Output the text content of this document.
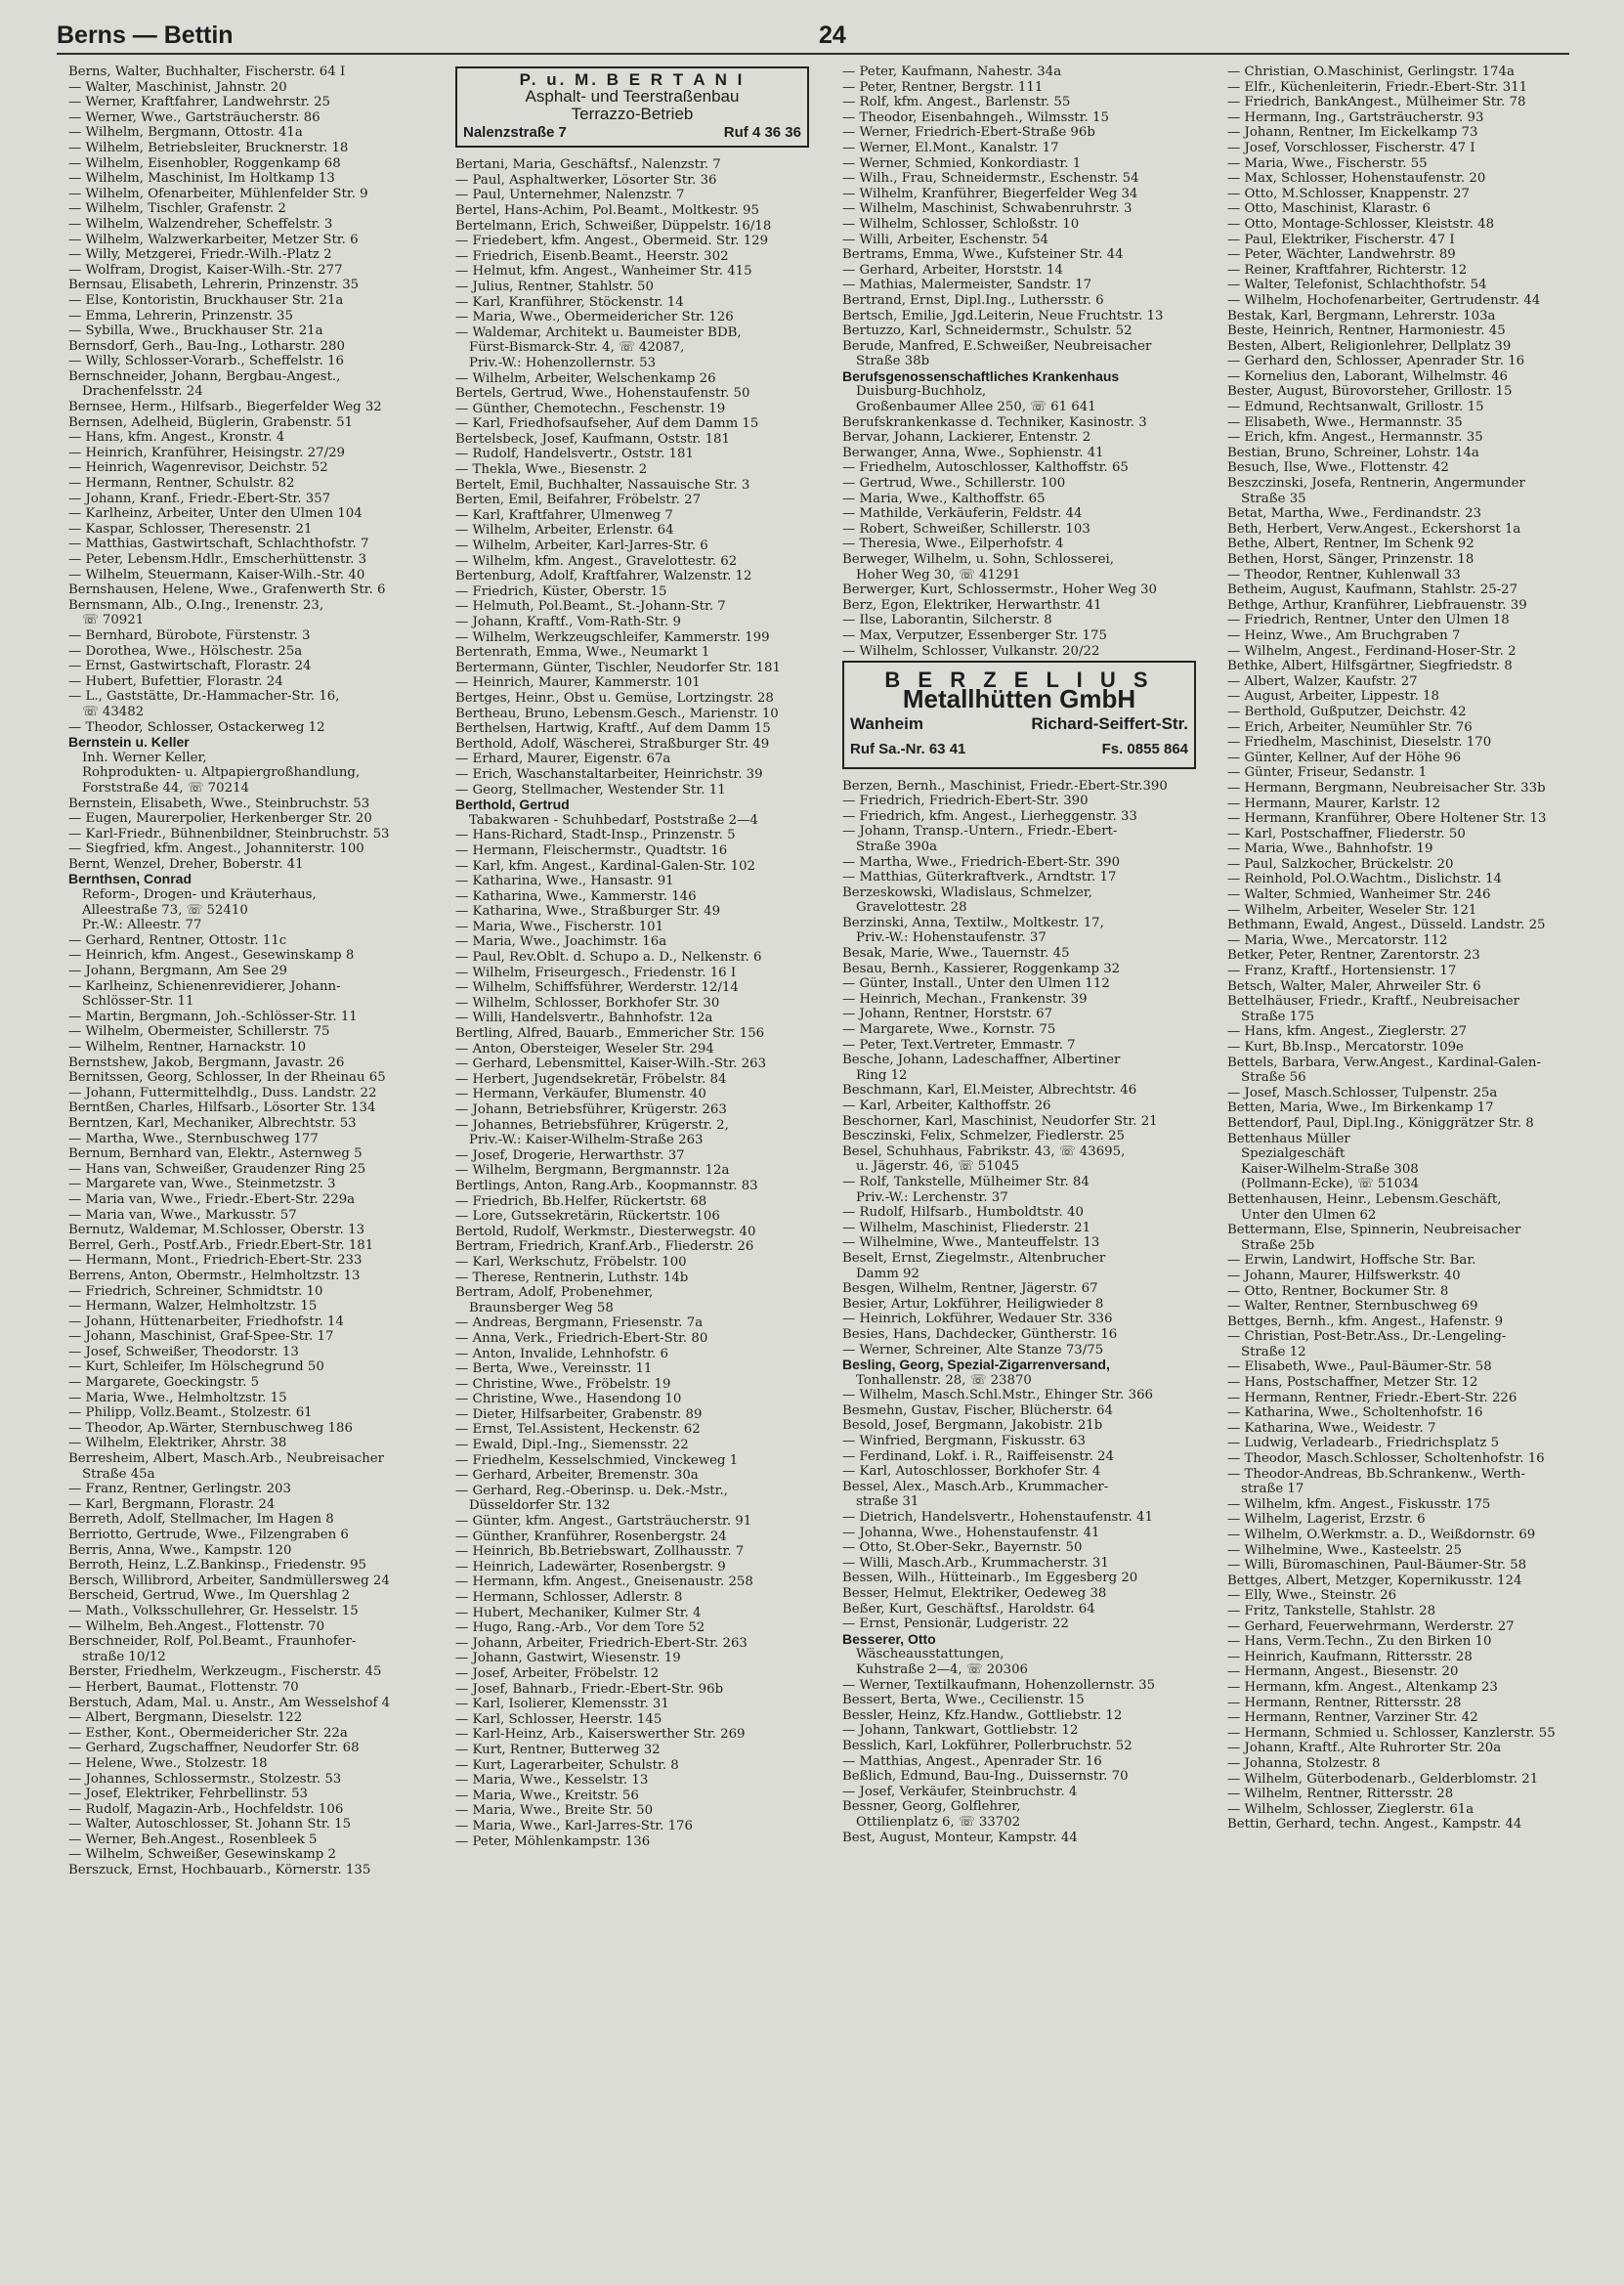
Berns — Bettin	24

Berns, Walter, Buchhalter, Fischerstr. 64 I

— Walter, Maschinist, Jahnstr. 20

— Werner, Kraftfahrer, Landwehrstr. 25

— Werner, Wwe., Gartsträucherstr. 86

— Wilhelm, Bergmann, Ottostr. 41a

— Wilhelm, Betriebsleiter, Brucknerstr. 18

— Wilhelm, Eisenhobler, Roggenkamp 68

— Wilhelm, Maschinist, Im Holtkamp 13

— Wilhelm, Ofenarbeiter, Mühlenfelder Str. 9

— Wilhelm, Tischler, Grafenstr. 2

— Wilhelm, Walzendreher, Scheffelstr. 3

— Wilhelm, Walzwerkarbeiter, Metzer Str. 6

— Willy, Metzgerei, Friedr.-Wilh.-Platz 2

— Wolfram, Drogist, Kaiser-Wilh.-Str. 277

Bernsau, Elisabeth, Lehrerin, Prinzenstr. 35

— Else, Kontoristin, Bruckhauser Str. 21a

— Emma, Lehrerin, Prinzenstr. 35

— Sybilla, Wwe., Bruckhauser Str. 21a

Bernsdorf, Gerh., Bau-Ing., Lotharstr. 280

— Willy, Schlosser-Vorarb., Scheffelstr. 16

Bernschneider, Johann, Bergbau-Angest.,

Drachenfelsstr. 24

Bernsee, Herm., Hilfsarb., Biegerfelder Weg 32

Bernsen, Adelheid, Büglerin, Grabenstr. 51

— Hans, kfm. Angest., Kronstr. 4

— Heinrich, Kranführer, Heisingstr. 27/29

— Heinrich, Wagenrevisor, Deichstr. 52

— Hermann, Rentner, Schulstr. 82

— Johann, Kranf., Friedr.-Ebert-Str. 357

— Karlheinz, Arbeiter, Unter den Ulmen 104

— Kaspar, Schlosser, Theresenstr. 21

— Matthias, Gastwirtschaft, Schlachthofstr. 7

— Peter, Lebensm.Hdlr., Emscherhüttenstr. 3

— Wilhelm, Steuermann, Kaiser-Wilh.-Str. 40

Bernshausen, Helene, Wwe., Grafenwerth Str. 6

Bernsmann, Alb., O.Ing., Irenenstr. 23,

☏ 70921

— Bernhard, Bürobote, Fürstenstr. 3

— Dorothea, Wwe., Hölschestr. 25a

— Ernst, Gastwirtschaft, Florastr. 24

— Hubert, Bufettier, Florastr. 24

— L., Gaststätte, Dr.-Hammacher-Str. 16,

☏ 43482

— Theodor, Schlosser, Ostackerweg 12

Bernstein u. Keller

Inh. Werner Keller,

Rohprodukten- u. Altpapiergroßhandlung,

Forststraße 44, ☏ 70214

Bernstein, Elisabeth, Wwe., Steinbruchstr. 53

— Eugen, Maurerpolier, Herkenberger Str. 20

— Karl-Friedr., Bühnenbildner, Steinbruchstr. 53

— Siegfried, kfm. Angest., Johanniterstr. 100

Bernt, Wenzel, Dreher, Boberstr. 41

Bernthsen, Conrad

Reform-, Drogen- und Kräuterhaus,

Alleestraße 73, ☏ 52410

Pr.-W.: Alleestr. 77

— Gerhard, Rentner, Ottostr. 11c

— Heinrich, kfm. Angest., Gesewinskamp 8

— Johann, Bergmann, Am See 29

— Karlheinz, Schienenrevidierer, Johann-

Schlösser-Str. 11

— Martin, Bergmann, Joh.-Schlösser-Str. 11

— Wilhelm, Obermeister, Schillerstr. 75

— Wilhelm, Rentner, Harnackstr. 10

Bernstshew, Jakob, Bergmann, Javastr. 26

Bernitssen, Georg, Schlosser, In der Rheinau 65

— Johann, Futtermittelhdlg., Duss. Landstr. 22

Berntßen, Charles, Hilfsarb., Lösorter Str. 134

Berntzen, Karl, Mechaniker, Albrechtstr. 53

— Martha, Wwe., Sternbuschweg 177

Bernum, Bernhard van, Elektr., Asternweg 5

— Hans van, Schweißer, Graudenzer Ring 25

— Margarete van, Wwe., Steinmetzstr. 3

— Maria van, Wwe., Friedr.-Ebert-Str. 229a

— Maria van, Wwe., Markusstr. 57

Bernutz, Waldemar, M.Schlosser, Oberstr. 13

Berrel, Gerh., Postf.Arb., Friedr.Ebert-Str. 181

— Hermann, Mont., Friedrich-Ebert-Str. 233

Berrens, Anton, Obermstr., Helmholtzstr. 13

— Friedrich, Schreiner, Schmidtstr. 10

— Hermann, Walzer, Helmholtzstr. 15

— Johann, Hüttenarbeiter, Friedhofstr. 14

— Johann, Maschinist, Graf-Spee-Str. 17

— Josef, Schweißer, Theodorstr. 13

— Kurt, Schleifer, Im Hölschegrund 50

— Margarete, Goeckingstr. 5

— Maria, Wwe., Helmholtzstr. 15

— Philipp, Vollz.Beamt., Stolzestr. 61

— Theodor, Ap.Wärter, Sternbuschweg 186

— Wilhelm, Elektriker, Ahrstr. 38

Berresheim, Albert, Masch.Arb., Neubreisacher

Straße 45a

— Franz, Rentner, Gerlingstr. 203

— Karl, Bergmann, Florastr. 24

Berreth, Adolf, Stellmacher, Im Hagen 8

Berriotto, Gertrude, Wwe., Filzengraben 6

Berris, Anna, Wwe., Kampstr. 120

Berroth, Heinz, L.Z.Bankinsp., Friedenstr. 95

Bersch, Willibrord, Arbeiter, Sandmüllersweg 24

Berscheid, Gertrud, Wwe., Im Quershlag 2

— Math., Volksschullehrer, Gr. Hesselstr. 15

— Wilhelm, Beh.Angest., Flottenstr. 70

Berschneider, Rolf, Pol.Beamt., Fraunhofer-

straße 10/12

Berster, Friedhelm, Werkzeugm., Fischerstr. 45

— Herbert, Baumat., Flottenstr. 70

Berstuch, Adam, Mal. u. Anstr., Am Wesselshof 4

— Albert, Bergmann, Dieselstr. 122

— Esther, Kont., Obermeidericher Str. 22a

— Gerhard, Zugschaffner, Neudorfer Str. 68

— Helene, Wwe., Stolzestr. 18

— Johannes, Schlossermstr., Stolzestr. 53

— Josef, Elektriker, Fehrbellinstr. 53

— Rudolf, Magazin-Arb., Hochfeldstr. 106

— Walter, Autoschlosser, St. Johann Str. 15

— Werner, Beh.Angest., Rosenbleek 5

— Wilhelm, Schweißer, Gesewinskamp 2

Berszuck, Ernst, Hochbauarb., Körnerstr. 135

P. u. M. B E R T A N I
Asphalt- und Teerstraßenbau
Terrazzo-Betrieb
Nalenzstraße 7	Ruf 4 36 36

Bertani, Maria, Geschäftsf., Nalenzstr. 7

— Paul, Asphaltwerker, Lösorter Str. 36

— Paul, Unternehmer, Nalenzstr. 7

Bertel, Hans-Achim, Pol.Beamt., Moltkestr. 95

Bertelmann, Erich, Schweißer, Düppelstr. 16/18

— Friedebert, kfm. Angest., Obermeid. Str. 129

— Friedrich, Eisenb.Beamt., Heerstr. 302

— Helmut, kfm. Angest., Wanheimer Str. 415

— Julius, Rentner, Stahlstr. 50

— Karl, Kranführer, Stöckenstr. 14

— Maria, Wwe., Obermeidericher Str. 126

— Waldemar, Architekt u. Baumeister BDB,

Fürst-Bismarck-Str. 4, ☏ 42087,

Priv.-W.: Hohenzollernstr. 53

— Wilhelm, Arbeiter, Welschenkamp 26

Bertels, Gertrud, Wwe., Hohenstaufenstr. 50

— Günther, Chemotechn., Feschenstr. 19

— Karl, Friedhofsaufseher, Auf dem Damm 15

Bertelsbeck, Josef, Kaufmann, Oststr. 181

— Rudolf, Handelsvertr., Oststr. 181

— Thekla, Wwe., Biesenstr. 2

Bertelt, Emil, Buchhalter, Nassauische Str. 3

Berten, Emil, Beifahrer, Fröbelstr. 27

— Karl, Kraftfahrer, Ulmenweg 7

— Wilhelm, Arbeiter, Erlenstr. 64

— Wilhelm, Arbeiter, Karl-Jarres-Str. 6

— Wilhelm, kfm. Angest., Gravelottestr. 62

Bertenburg, Adolf, Kraftfahrer, Walzenstr. 12

— Friedrich, Küster, Oberstr. 15

— Helmuth, Pol.Beamt., St.-Johann-Str. 7

— Johann, Kraftf., Vom-Rath-Str. 9

— Wilhelm, Werkzeugschleifer, Kammerstr. 199

Bertenrath, Emma, Wwe., Neumarkt 1

Bertermann, Günter, Tischler, Neudorfer Str. 181

— Heinrich, Maurer, Kammerstr. 101

Bertges, Heinr., Obst u. Gemüse, Lortzingstr. 28

Bertheau, Bruno, Lebensm.Gesch., Marienstr. 10

Berthelsen, Hartwig, Kraftf., Auf dem Damm 15

Berthold, Adolf, Wäscherei, Straßburger Str. 49

— Erhard, Maurer, Eigenstr. 67a

— Erich, Waschanstaltarbeiter, Heinrichstr. 39

— Georg, Stellmacher, Westender Str. 11

Berthold, Gertrud

Tabakwaren - Schuhbedarf, Poststraße 2—4

— Hans-Richard, Stadt-Insp., Prinzenstr. 5

— Hermann, Fleischermstr., Quadtstr. 16

— Karl, kfm. Angest., Kardinal-Galen-Str. 102

— Katharina, Wwe., Hansastr. 91

— Katharina, Wwe., Kammerstr. 146

— Katharina, Wwe., Straßburger Str. 49

— Maria, Wwe., Fischerstr. 101

— Maria, Wwe., Joachimstr. 16a

— Paul, Rev.Oblt. d. Schupo a. D., Nelkenstr. 6

— Wilhelm, Friseurgesch., Friedenstr. 16 I

— Wilhelm, Schiffsführer, Werderstr. 12/14

— Wilhelm, Schlosser, Borkhofer Str. 30

— Willi, Handelsvertr., Bahnhofstr. 12a

Bertling, Alfred, Bauarb., Emmericher Str. 156

— Anton, Obersteiger, Weseler Str. 294

— Gerhard, Lebensmittel, Kaiser-Wilh.-Str. 263

— Herbert, Jugendsekretär, Fröbelstr. 84

— Hermann, Verkäufer, Blumenstr. 40

— Johann, Betriebsführer, Krügerstr. 263

— Johannes, Betriebsführer, Krügerstr. 2,

Priv.-W.: Kaiser-Wilhelm-Straße 263

— Josef, Drogerie, Herwarthstr. 37

— Wilhelm, Bergmann, Bergmannstr. 12a

Bertlings, Anton, Rang.Arb., Koopmannstr. 83

— Friedrich, Bb.Helfer, Rückertstr. 68

— Lore, Gutssekretärin, Rückertstr. 106

Bertold, Rudolf, Werkmstr., Diesterwegstr. 40

Bertram, Friedrich, Kranf.Arb., Fliederstr. 26

— Karl, Werkschutz, Fröbelstr. 100

— Therese, Rentnerin, Luthstr. 14b

Bertram, Adolf, Probenehmer,

Braunsberger Weg 58

— Andreas, Bergmann, Friesenstr. 7a

— Anna, Verk., Friedrich-Ebert-Str. 80

— Anton, Invalide, Lehnhofstr. 6

— Berta, Wwe., Vereinsstr. 11

— Christine, Wwe., Fröbelstr. 19

— Christine, Wwe., Hasendong 10

— Dieter, Hilfsarbeiter, Grabenstr. 89

— Ernst, Tel.Assistent, Heckenstr. 62

— Ewald, Dipl.-Ing., Siemensstr. 22

— Friedhelm, Kesselschmied, Vinckeweg 1

— Gerhard, Arbeiter, Bremenstr. 30a

— Gerhard, Reg.-Oberinsp. u. Dek.-Mstr.,

Düsseldorfer Str. 132

— Günter, kfm. Angest., Gartsträucherstr. 91

— Günther, Kranführer, Rosenbergstr. 24

— Heinrich, Bb.Betriebswart, Zollhausstr. 7

— Heinrich, Ladewärter, Rosenbergstr. 9

— Hermann, kfm. Angest., Gneisenaustr. 258

— Hermann, Schlosser, Adlerstr. 8

— Hubert, Mechaniker, Kulmer Str. 4

— Hugo, Rang.-Arb., Vor dem Tore 52

— Johann, Arbeiter, Friedrich-Ebert-Str. 263

— Johann, Gastwirt, Wiesenstr. 19

— Josef, Arbeiter, Fröbelstr. 12

— Josef, Bahnarb., Friedr.-Ebert-Str. 96b

— Karl, Isolierer, Klemensstr. 31

— Karl, Schlosser, Heerstr. 145

— Karl-Heinz, Arb., Kaiserswerther Str. 269

— Kurt, Rentner, Butterweg 32

— Kurt, Lagerarbeiter, Schulstr. 8

— Maria, Wwe., Kesselstr. 13

— Maria, Wwe., Kreitstr. 56

— Maria, Wwe., Breite Str. 50

— Maria, Wwe., Karl-Jarres-Str. 176

— Peter, Möhlenkampstr. 136

— Peter, Kaufmann, Nahestr. 34a

— Peter, Rentner, Bergstr. 111

— Rolf, kfm. Angest., Barlenstr. 55

— Theodor, Eisenbahngeh., Wilmsstr. 15

— Werner, Friedrich-Ebert-Straße 96b

— Werner, El.Mont., Kanalstr. 17

— Werner, Schmied, Konkordiastr. 1

— Wilh., Frau, Schneidermstr., Eschenstr. 54

— Wilhelm, Kranführer, Biegerfelder Weg 34

— Wilhelm, Maschinist, Schwabenruhrstr. 3

— Wilhelm, Schlosser, Schloßstr. 10

— Willi, Arbeiter, Eschenstr. 54

Bertrams, Emma, Wwe., Kufsteiner Str. 44

— Gerhard, Arbeiter, Horststr. 14

— Mathias, Malermeister, Sandstr. 17

Bertrand, Ernst, Dipl.Ing., Luthersstr. 6

Bertsch, Emilie, Jgd.Leiterin, Neue Fruchtstr. 13

Bertuzzo, Karl, Schneidermstr., Schulstr. 52

Berude, Manfred, E.Schweißer, Neubreisacher

Straße 38b

Berufsgenossenschaftliches Krankenhaus

Duisburg-Buchholz,

Großenbaumer Allee 250, ☏ 61 641

Berufskrankenkasse d. Techniker, Kasinostr. 3

Bervar, Johann, Lackierer, Entenstr. 2

Berwanger, Anna, Wwe., Sophienstr. 41

— Friedhelm, Autoschlosser, Kalthoffstr. 65

— Gertrud, Wwe., Schillerstr. 100

— Maria, Wwe., Kalthoffstr. 65

— Mathilde, Verkäuferin, Feldstr. 44

— Robert, Schweißer, Schillerstr. 103

— Theresia, Wwe., Eilperhofstr. 4

Berweger, Wilhelm, u. Sohn, Schlosserei,

Hoher Weg 30, ☏ 41291

Berwerger, Kurt, Schlossermstr., Hoher Weg 30

Berz, Egon, Elektriker, Herwarthstr. 41

— Ilse, Laborantin, Silcherstr. 8

— Max, Verputzer, Essenberger Str. 175

— Wilhelm, Schlosser, Vulkanstr. 20/22

B E R Z E L I U S
Metallhütten GmbH
Wanheim	Richard-Seiffert-Str.
Ruf Sa.-Nr. 63 41	Fs. 0855 864

Berzen, Bernh., Maschinist, Friedr.-Ebert-Str.390

— Friedrich, Friedrich-Ebert-Str. 390

— Friedrich, kfm. Angest., Lierheggenstr. 33

— Johann, Transp.-Untern., Friedr.-Ebert-

Straße 390a

— Martha, Wwe., Friedrich-Ebert-Str. 390

— Matthias, Güterkraftverk., Arndtstr. 17

Berzeskowski, Wladislaus, Schmelzer,

Gravelottestr. 28

Berzinski, Anna, Textilw., Moltkestr. 17,

Priv.-W.: Hohenstaufenstr. 37

Besak, Marie, Wwe., Tauernstr. 45

Besau, Bernh., Kassierer, Roggenkamp 32

— Günter, Install., Unter den Ulmen 112

— Heinrich, Mechan., Frankenstr. 39

— Johann, Rentner, Horststr. 67

— Margarete, Wwe., Kornstr. 75

— Peter, Text.Vertreter, Emmastr. 7

Besche, Johann, Ladeschaffner, Albertiner

Ring 12

Beschmann, Karl, El.Meister, Albrechtstr. 46

— Karl, Arbeiter, Kalthoffstr. 26

Beschorner, Karl, Maschinist, Neudorfer Str. 21

Besczinski, Felix, Schmelzer, Fiedlerstr. 25

Besel, Schuhhaus, Fabrikstr. 43, ☏ 43695,

u. Jägerstr. 46, ☏ 51045

— Rolf, Tankstelle, Mülheimer Str. 84

Priv.-W.: Lerchenstr. 37

— Rudolf, Hilfsarb., Humboldtstr. 40

— Wilhelm, Maschinist, Fliederstr. 21

— Wilhelmine, Wwe., Manteuffelstr. 13

Beselt, Ernst, Ziegelmstr., Altenbrucher

Damm 92

Besgen, Wilhelm, Rentner, Jägerstr. 67

Besier, Artur, Lokführer, Heiligwieder 8

— Heinrich, Lokführer, Wedauer Str. 336

Besies, Hans, Dachdecker, Güntherstr. 16

— Werner, Schreiner, Alte Stanze 73/75

Besling, Georg, Spezial-Zigarrenversand,

Tonhallenstr. 28, ☏ 23870

— Wilhelm, Masch.Schl.Mstr., Ehinger Str. 366

Besmehn, Gustav, Fischer, Blücherstr. 64

Besold, Josef, Bergmann, Jakobistr. 21b

— Winfried, Bergmann, Fiskusstr. 63

— Ferdinand, Lokf. i. R., Raiffeisenstr. 24

— Karl, Autoschlosser, Borkhofer Str. 4

Bessel, Alex., Masch.Arb., Krummacher-

straße 31

— Dietrich, Handelsvertr., Hohenstaufenstr. 41

— Johanna, Wwe., Hohenstaufenstr. 41

— Otto, St.Ober-Sekr., Bayernstr. 50

— Willi, Masch.Arb., Krummacherstr. 31

Bessen, Wilh., Hütteinarb., Im Eggesberg 20

Besser, Helmut, Elektriker, Oedeweg 38

Beßer, Kurt, Geschäftsf., Haroldstr. 64

— Ernst, Pensionär, Ludgeristr. 22

Besserer, Otto

Wäscheausstattungen,

Kuhstraße 2—4, ☏ 20306

— Werner, Textilkaufmann, Hohenzollernstr. 35

Bessert, Berta, Wwe., Cecilienstr. 15

Bessler, Heinz, Kfz.Handw., Gottliebstr. 12

— Johann, Tankwart, Gottliebstr. 12

Besslich, Karl, Lokführer, Pollerbruchstr. 52

— Matthias, Angest., Apenrader Str. 16

Beßlich, Edmund, Bau-Ing., Duissernstr. 70

— Josef, Verkäufer, Steinbruchstr. 4

Bessner, Georg, Golflehrer,

Ottilienplatz 6, ☏ 33702

Best, August, Monteur, Kampstr. 44

— Christian, O.Maschinist, Gerlingstr. 174a

— Elfr., Küchenleiterin, Friedr.-Ebert-Str. 311

— Friedrich, BankAngest., Mülheimer Str. 78

— Hermann, Ing., Gartsträucherstr. 93

— Johann, Rentner, Im Eickelkamp 73

— Josef, Vorschlosser, Fischerstr. 47 I

— Maria, Wwe., Fischerstr. 55

— Max, Schlosser, Hohenstaufenstr. 20

— Otto, M.Schlosser, Knappenstr. 27

— Otto, Maschinist, Klarastr. 6

— Otto, Montage-Schlosser, Kleiststr. 48

— Paul, Elektriker, Fischerstr. 47 I

— Peter, Wächter, Landwehrstr. 89

— Reiner, Kraftfahrer, Richterstr. 12

— Walter, Telefonist, Schlachthofstr. 54

— Wilhelm, Hochofenarbeiter, Gertrudenstr. 44

Bestak, Karl, Bergmann, Lehrerstr. 103a

Beste, Heinrich, Rentner, Harmoniestr. 45

Besten, Albert, Religionlehrer, Dellplatz 39

— Gerhard den, Schlosser, Apenrader Str. 16

— Kornelius den, Laborant, Wilhelmstr. 46

Bester, August, Bürovorsteher, Grillostr. 15

— Edmund, Rechtsanwalt, Grillostr. 15

— Elisabeth, Wwe., Hermannstr. 35

— Erich, kfm. Angest., Hermannstr. 35

Bestian, Bruno, Schreiner, Lohstr. 14a

Besuch, Ilse, Wwe., Flottenstr. 42

Beszczinski, Josefa, Rentnerin, Angermunder

Straße 35

Betat, Martha, Wwe., Ferdinandstr. 23

Beth, Herbert, Verw.Angest., Eckershorst 1a

Bethe, Albert, Rentner, Im Schenk 92

Bethen, Horst, Sänger, Prinzenstr. 18

— Theodor, Rentner, Kuhlenwall 33

Betheim, August, Kaufmann, Stahlstr. 25-27

Bethge, Arthur, Kranführer, Liebfrauenstr. 39

— Friedrich, Rentner, Unter den Ulmen 18

— Heinz, Wwe., Am Bruchgraben 7

— Wilhelm, Angest., Ferdinand-Hoser-Str. 2

Bethke, Albert, Hilfsgärtner, Siegfriedstr. 8

— Albert, Walzer, Kaufstr. 27

— August, Arbeiter, Lippestr. 18

— Berthold, Gußputzer, Deichstr. 42

— Erich, Arbeiter, Neumühler Str. 76

— Friedhelm, Maschinist, Dieselstr. 170

— Günter, Kellner, Auf der Höhe 96

— Günter, Friseur, Sedanstr. 1

— Hermann, Bergmann, Neubreisacher Str. 33b

— Hermann, Maurer, Karlstr. 12

— Hermann, Kranführer, Obere Holtener Str. 13

— Karl, Postschaffner, Fliederstr. 50

— Maria, Wwe., Bahnhofstr. 19

— Paul, Salzkocher, Brückelstr. 20

— Reinhold, Pol.O.Wachtm., Dislichstr. 14

— Walter, Schmied, Wanheimer Str. 246

— Wilhelm, Arbeiter, Weseler Str. 121

Bethmann, Ewald, Angest., Düsseld. Landstr. 25

— Maria, Wwe., Mercatorstr. 112

Betker, Peter, Rentner, Zarentorstr. 23

— Franz, Kraftf., Hortensienstr. 17

Betsch, Walter, Maler, Ahrweiler Str. 6

Bettelhäuser, Friedr., Kraftf., Neubreisacher

Straße 175

— Hans, kfm. Angest., Zieglerstr. 27

— Kurt, Bb.Insp., Mercatorstr. 109e

Bettels, Barbara, Verw.Angest., Kardinal-Galen-

Straße 56

— Josef, Masch.Schlosser, Tulpenstr. 25a

Betten, Maria, Wwe., Im Birkenkamp 17

Bettendorf, Paul, Dipl.Ing., Königgrätzer Str. 8

Bettenhaus Müller

Spezialgeschäft

Kaiser-Wilhelm-Straße 308

(Pollmann-Ecke), ☏ 51034

Bettenhausen, Heinr., Lebensm.Geschäft,

Unter den Ulmen 62

Bettermann, Else, Spinnerin, Neubreisacher

Straße 25b

— Erwin, Landwirt, Hoffsche Str. Bar.

— Johann, Maurer, Hilfswerkstr. 40

— Otto, Rentner, Bockumer Str. 8

— Walter, Rentner, Sternbuschweg 69

Bettges, Bernh., kfm. Angest., Hafenstr. 9

— Christian, Post-Betr.Ass., Dr.-Lengeling-

Straße 12

— Elisabeth, Wwe., Paul-Bäumer-Str. 58

— Hans, Postschaffner, Metzer Str. 12

— Hermann, Rentner, Friedr.-Ebert-Str. 226

— Katharina, Wwe., Scholtenhofstr. 16

— Katharina, Wwe., Weidestr. 7

— Ludwig, Verladearb., Friedrichsplatz 5

— Theodor, Masch.Schlosser, Scholtenhofstr. 16

— Theodor-Andreas, Bb.Schrankenw., Werth-

straße 17

— Wilhelm, kfm. Angest., Fiskusstr. 175

— Wilhelm, Lagerist, Erzstr. 6

— Wilhelm, O.Werkmstr. a. D., Weißdornstr. 69

— Wilhelmine, Wwe., Kasteelstr. 25

— Willi, Büromaschinen, Paul-Bäumer-Str. 58

Bettges, Albert, Metzger, Kopernikusstr. 124

— Elly, Wwe., Steinstr. 26

— Fritz, Tankstelle, Stahlstr. 28

— Gerhard, Feuerwehrmann, Werderstr. 27

— Hans, Verm.Techn., Zu den Birken 10

— Heinrich, Kaufmann, Rittersstr. 28

— Hermann, Angest., Biesenstr. 20

— Hermann, kfm. Angest., Altenkamp 23

— Hermann, Rentner, Rittersstr. 28

— Hermann, Rentner, Varziner Str. 42

— Hermann, Schmied u. Schlosser, Kanzlerstr. 55

— Johann, Kraftf., Alte Ruhrorter Str. 20a

— Johanna, Stolzestr. 8

— Wilhelm, Güterbodenarb., Gelderblomstr. 21

— Wilhelm, Rentner, Rittersstr. 28

— Wilhelm, Schlosser, Zieglerstr. 61a

Bettin, Gerhard, techn. Angest., Kampstr. 44
